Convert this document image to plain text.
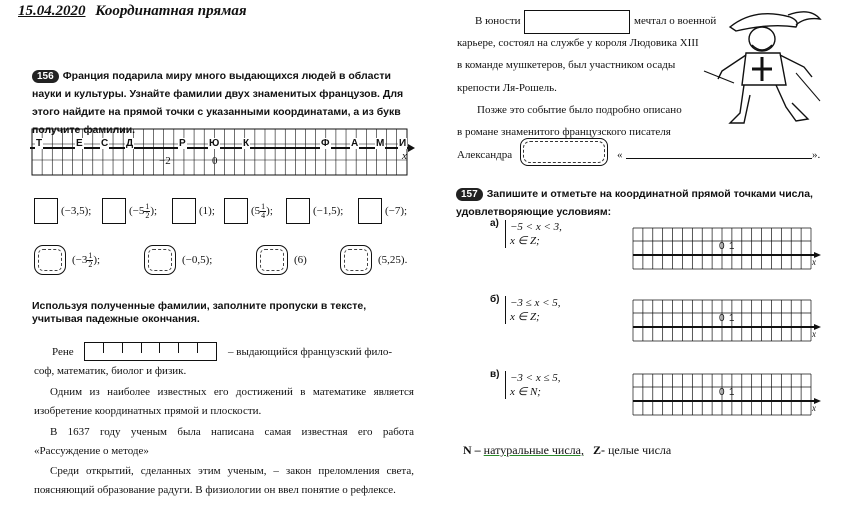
15.04.2020 Координатная прямая
156 Франция подарила миру много выдающихся людей в области науки и культуры. Узнайте фамилии двух знаменитых французов. Для этого найдите на прямой точки с указанными координатами, а из букв получите фамилии.
Т	Е С Д	Р Ю К	Ф А М И
−2	0	x
(−3,5);	($-5 \frac{1}{2}$ );	(1);	($5 \frac{1}{4}$ );	(−1,5);	(−7);
($-3 \frac{1}{2}$ );	(−0,5);	(6)	(5,25).
Используя полученные фамилии, заполните пропуски в тексте, учитывая падежные окончания.
Рене	– выдающийся французский фило-
соф, математик, биолог и физик.
Одним из наиболее известных его достижений в математике является изобретение координатных прямой и плоскости.
В 1637 году ученым была написана самая известная его работа «Рассуждение о методе»
Среди открытий, сделанных этим ученым, – закон преломления света, поясняющий образование радуги. В физиологии он ввел понятие о рефлексе.
В юности	мечтал о военной
карьере, состоял на службе у короля Людовика XIII
в команде мушкетеров, был участником осады
крепости Ля-Рошель.
Позже это событие было подробно описано
в романе знаменитого французского писателя
Александра	«	».
157 Запишите и отметьте на координатной прямой точками числа, удовлетворяющие условиям:
а) −5 < x < 3,
x ∈ Z;
б) −3 ≤ x < 5,
x ∈ Z;
в) −3 < x ≤ 5,
x ∈ N;
0 1
x
0 1
x
0 1
x
N – натуральные числа, Z- целые числа
